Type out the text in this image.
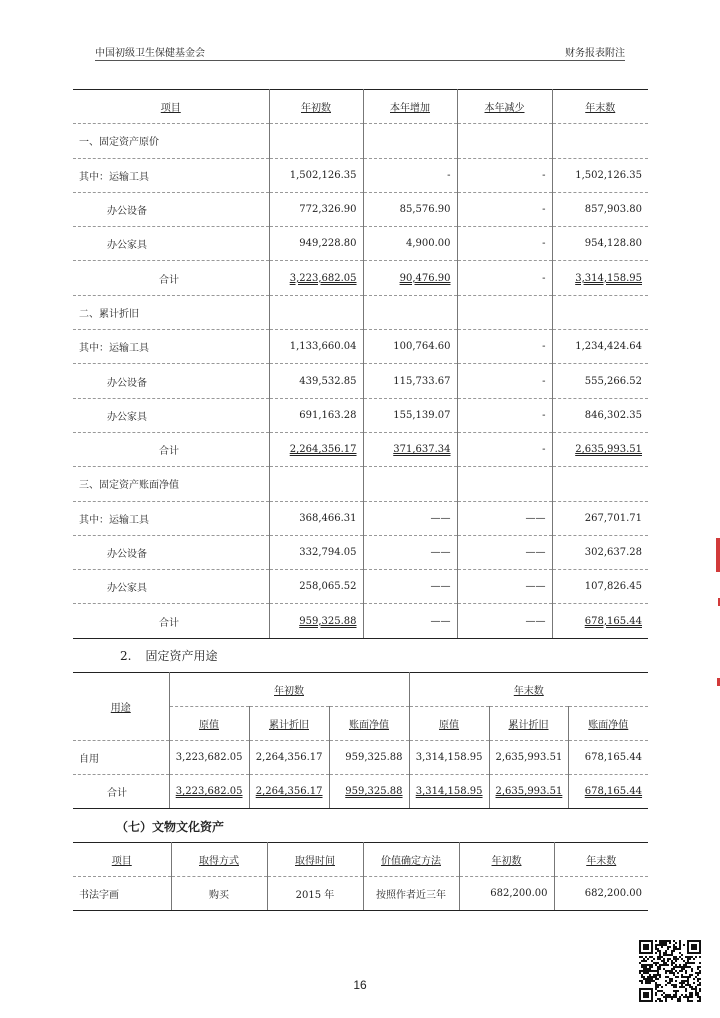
中国初级卫生保健基金会	财务报表附注
项目	年初数	本年增加	本年减少	年末数
一、固定资产原价				
其中：运输工具	1,502,126.35	-	-	1,502,126.35
办公设备	772,326.90	85,576.90	-	857,903.80
办公家具	949,228.80	4,900.00	-	954,128.80
合计	3,223,682.05	90,476.90	-	3,314,158.95
二、累计折旧				
其中：运输工具	1,133,660.04	100,764.60	-	1,234,424.64
办公设备	439,532.85	115,733.67	-	555,266.52
办公家具	691,163.28	155,139.07	-	846,302.35
合计	2,264,356.17	371,637.34	-	2,635,993.51
三、固定资产账面净值				
其中：运输工具	368,466.31	——	——	267,701.71
办公设备	332,794.05	——	——	302,637.28
办公家具	258,065.52	——	——	107,826.45
合计	959,325.88	——	——	678,165.44
2. 固定资产用途
用途	年初数			年末数		
	原值	累计折旧	账面净值	原值	累计折旧	账面净值
自用	3,223,682.05	2,264,356.17	959,325.88	3,314,158.95	2,635,993.51	678,165.44
合计	3,223,682.05	2,264,356.17	959,325.88	3,314,158.95	2,635,993.51	678,165.44
（七）文物文化资产
项目	取得方式	取得时间	价值确定方法	年初数	年末数
书法字画	购买	2015 年	按照作者近三年	682,200.00	682,200.00
16
